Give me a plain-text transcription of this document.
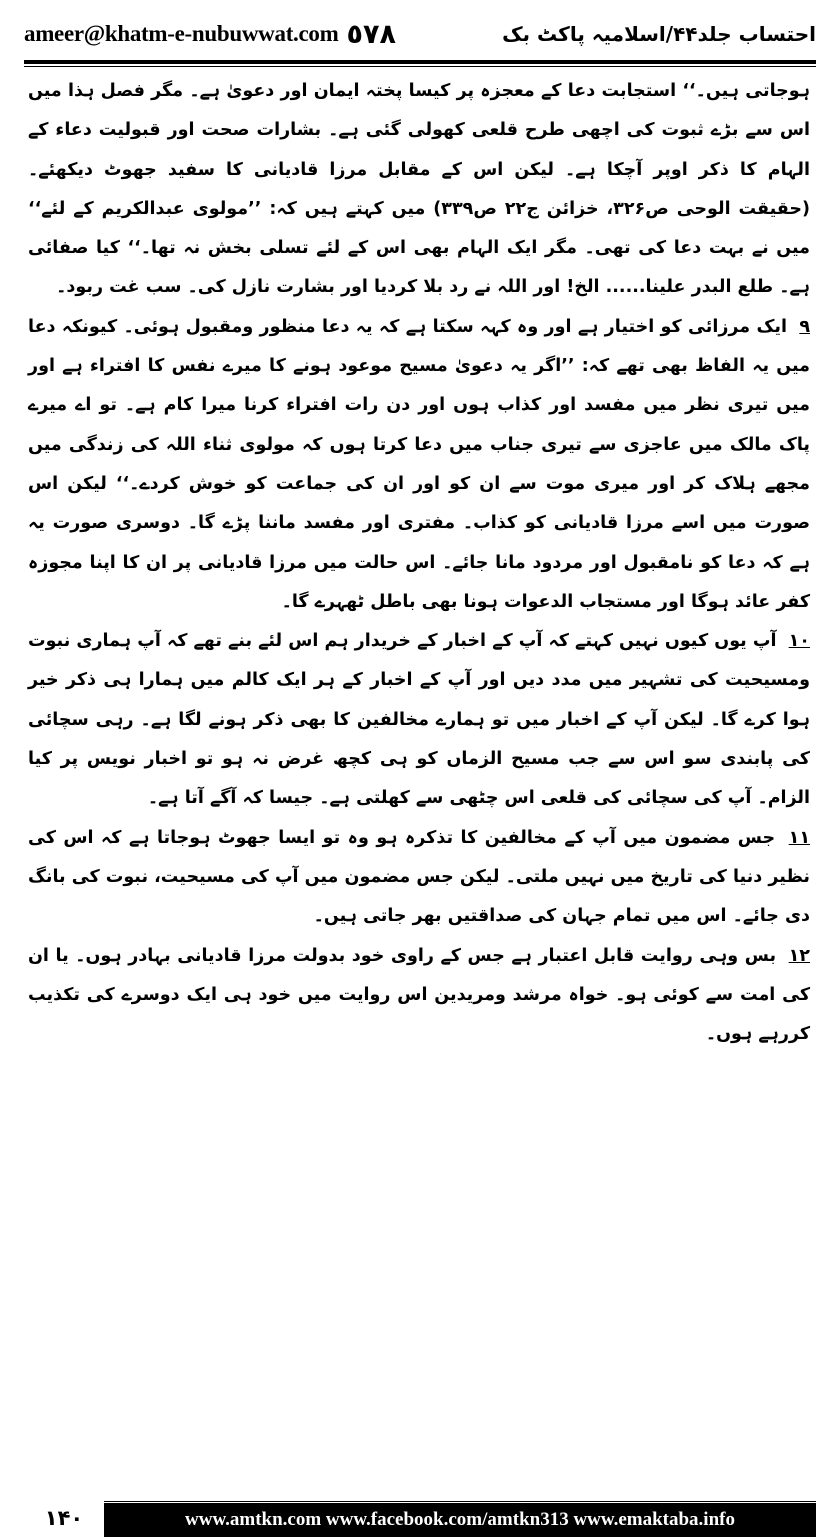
ameer@khatm-e-nubuwwat.com ٥٧٨	احتساب جلد۴۴/اسلامیہ پاکٹ بک

ہوجاتی ہیں۔‘‘ استجابت دعا کے معجزہ پر کیسا پختہ ایمان اور دعویٰ ہے۔ مگر فصل ہذا میں اس سے بڑے ثبوت کی اچھی طرح قلعی کھولی گئی ہے۔ بشارات صحت اور قبولیت دعاء کے الہام کا ذکر اوپر آچکا ہے۔ لیکن اس کے مقابل مرزا قادیانی کا سفید جھوٹ دیکھئے۔ (حقیقت الوحی ص۳۲۶، خزائن ج۲۲ ص۳۳۹) میں کہتے ہیں کہ: ’’مولوی عبدالکریم کے لئے‘‘ میں نے بہت دعا کی تھی۔ مگر ایک الہام بھی اس کے لئے تسلی بخش نہ تھا۔‘‘ کیا صفائی ہے۔ طلع البدر علینا...... الخ! اور اللہ نے رد بلا کردیا اور بشارت نازل کی۔ سب غت ربود۔

۹ ایک مرزائی کو اختیار ہے اور وہ کہہ سکتا ہے کہ یہ دعا منظور ومقبول ہوئی۔ کیونکہ دعا میں یہ الفاظ بھی تھے کہ: ’’اگر یہ دعویٰ مسیح موعود ہونے کا میرے نفس کا افتراء ہے اور میں تیری نظر میں مفسد اور کذاب ہوں اور دن رات افتراء کرنا میرا کام ہے۔ تو اے میرے پاک مالک میں عاجزی سے تیری جناب میں دعا کرتا ہوں کہ مولوی ثناء اللہ کی زندگی میں مجھے ہلاک کر اور میری موت سے ان کو اور ان کی جماعت کو خوش کردے۔‘‘ لیکن اس صورت میں اسے مرزا قادیانی کو کذاب۔ مفتری اور مفسد ماننا پڑے گا۔ دوسری صورت یہ ہے کہ دعا کو نامقبول اور مردود مانا جائے۔ اس حالت میں مرزا قادیانی پر ان کا اپنا مجوزہ کفر عائد ہوگا اور مستجاب الدعوات ہونا بھی باطل ٹھہرے گا۔

۱۰ آپ یوں کیوں نہیں کہتے کہ آپ کے اخبار کے خریدار ہم اس لئے بنے تھے کہ آپ ہماری نبوت ومسیحیت کی تشہیر میں مدد دیں اور آپ کے اخبار کے ہر ایک کالم میں ہمارا ہی ذکر خیر ہوا کرے گا۔ لیکن آپ کے اخبار میں تو ہمارے مخالفین کا بھی ذکر ہونے لگا ہے۔ رہی سچائی کی پابندی سو اس سے جب مسیح الزماں کو ہی کچھ غرض نہ ہو تو اخبار نویس پر کیا الزام۔ آپ کی سچائی کی قلعی اس چٹھی سے کھلتی ہے۔ جیسا کہ آگے آتا ہے۔

۱۱ جس مضمون میں آپ کے مخالفین کا تذکرہ ہو وہ تو ایسا جھوٹ ہوجاتا ہے کہ اس کی نظیر دنیا کی تاریخ میں نہیں ملتی۔ لیکن جس مضمون میں آپ کی مسیحیت، نبوت کی بانگ دی جائے۔ اس میں تمام جہان کی صداقتیں بھر جاتی ہیں۔

۱۲ بس وہی روایت قابل اعتبار ہے جس کے راوی خود بدولت مرزا قادیانی بہادر ہوں۔ یا ان کی امت سے کوئی ہو۔ خواہ مرشد ومریدین اس روایت میں خود ہی ایک دوسرے کی تکذیب کررہے ہوں۔

۱۴۰	www.amtkn.com www.facebook.com/amtkn313 www.emaktaba.info
